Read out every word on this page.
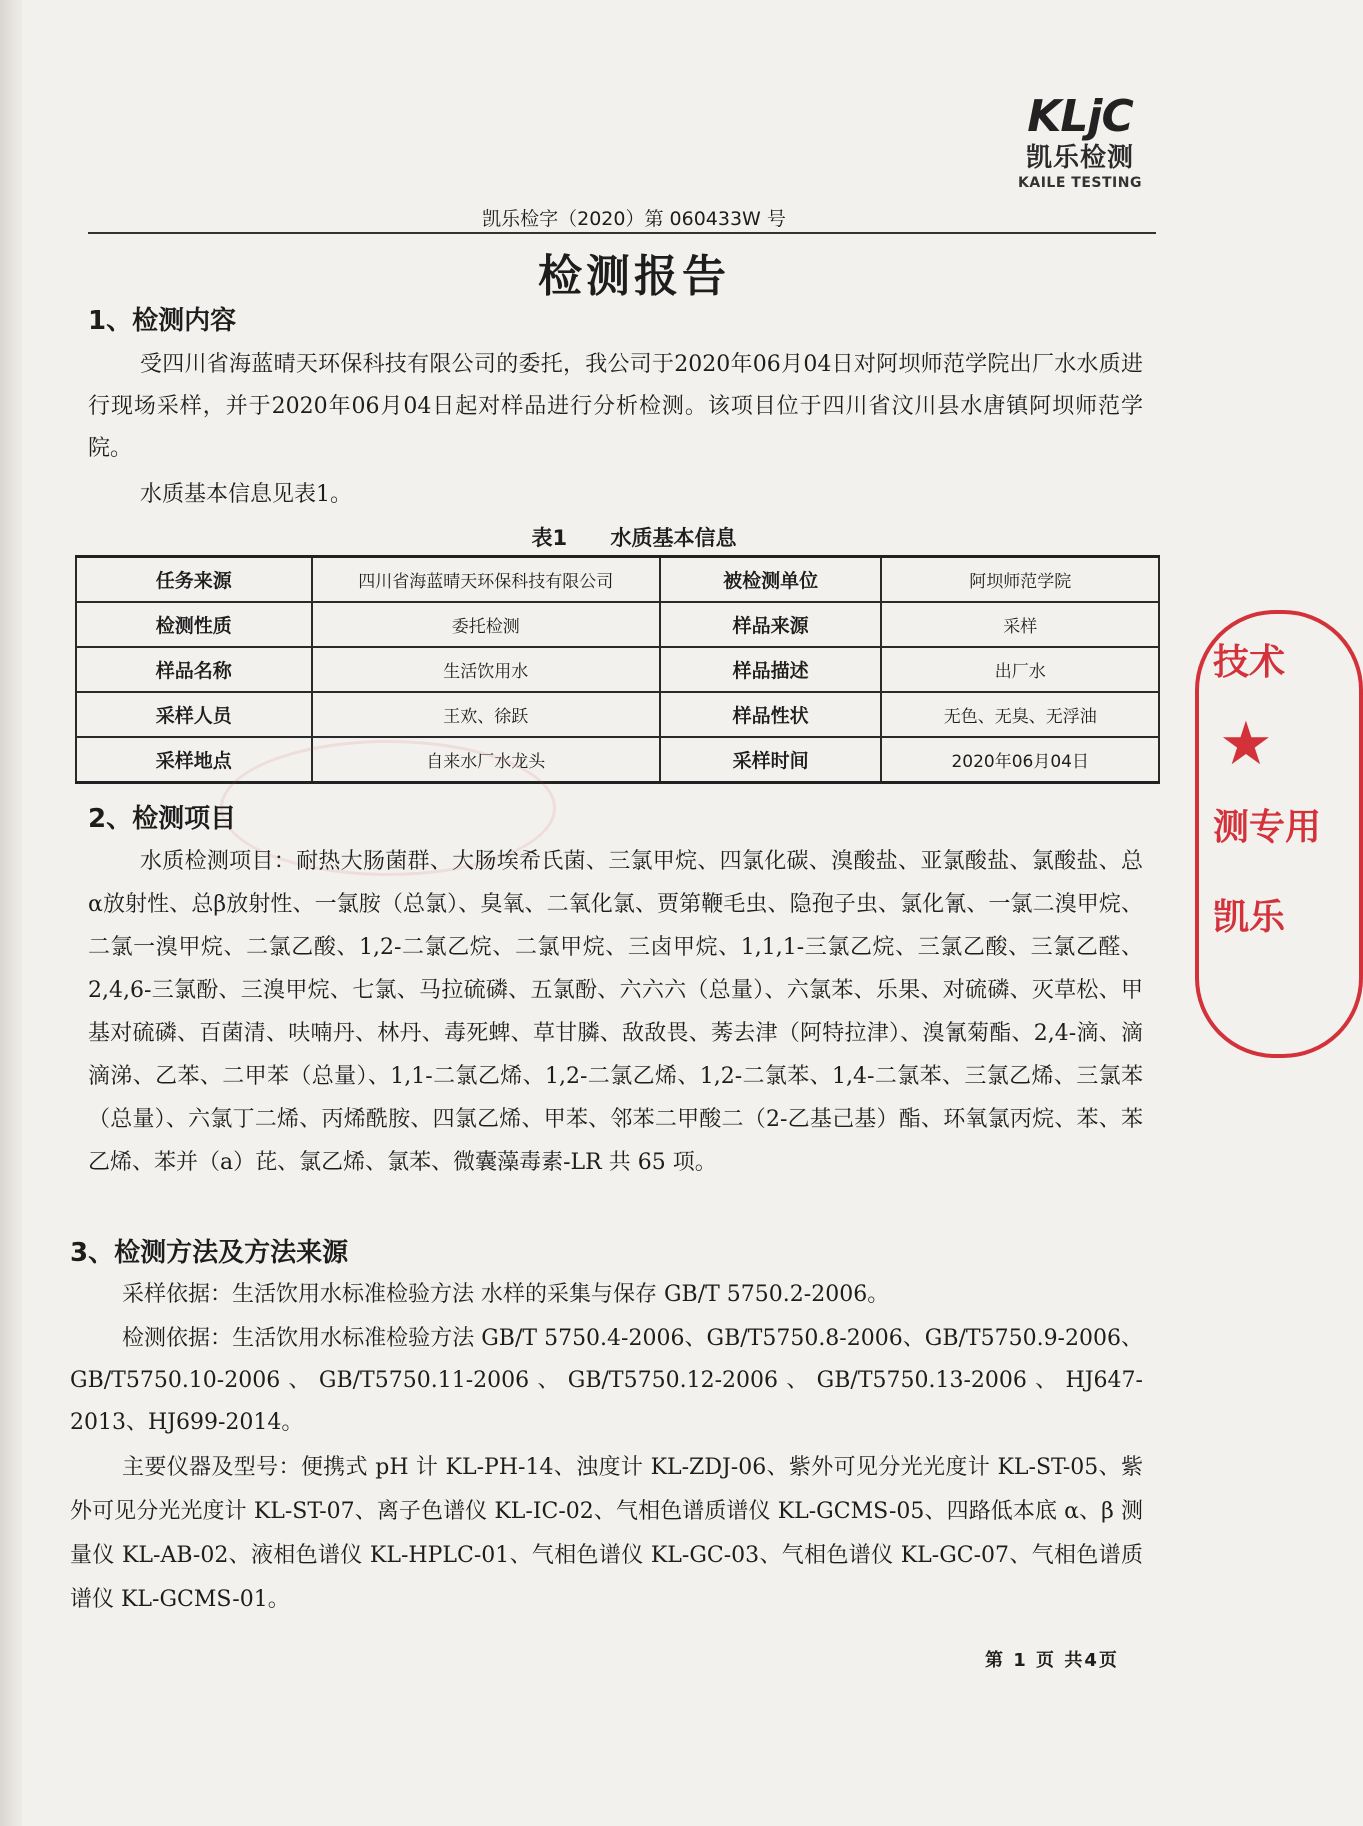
KLjC
凯乐检测
KAILE TESTING
凯乐检字（2020）第 060433W 号
检测报告
1、检测内容
受四川省海蓝晴天环保科技有限公司的委托，我公司于2020年06月04日对阿坝师范学院出厂水水质进行现场采样，并于2020年06月04日起对样品进行分析检测。该项目位于四川省汶川县水唐镇阿坝师范学院。
水质基本信息见表1。
表1 水质基本信息
任务来源	四川省海蓝晴天环保科技有限公司	被检测单位	阿坝师范学院
检测性质	委托检测	样品来源	采样
样品名称	生活饮用水	样品描述	出厂水
采样人员	王欢、徐跃	样品性状	无色、无臭、无浮油
采样地点	自来水厂水龙头	采样时间	2020年06月04日
2、检测项目
水质检测项目：耐热大肠菌群、大肠埃希氏菌、三氯甲烷、四氯化碳、溴酸盐、亚氯酸盐、氯酸盐、总α放射性、总β放射性、一氯胺（总氯）、臭氧、二氧化氯、贾第鞭毛虫、隐孢子虫、氯化氰、一氯二溴甲烷、二氯一溴甲烷、二氯乙酸、1,2-二氯乙烷、二氯甲烷、三卤甲烷、1,1,1-三氯乙烷、三氯乙酸、三氯乙醛、2,4,6-三氯酚、三溴甲烷、七氯、马拉硫磷、五氯酚、六六六（总量）、六氯苯、乐果、对硫磷、灭草松、甲基对硫磷、百菌清、呋喃丹、林丹、毒死蜱、草甘膦、敌敌畏、莠去津（阿特拉津）、溴氰菊酯、2,4-滴、滴滴涕、乙苯、二甲苯（总量）、1,1-二氯乙烯、1,2-二氯乙烯、1,2-二氯苯、1,4-二氯苯、三氯乙烯、三氯苯（总量）、六氯丁二烯、丙烯酰胺、四氯乙烯、甲苯、邻苯二甲酸二（2-乙基己基）酯、环氧氯丙烷、苯、苯乙烯、苯并（a）芘、氯乙烯、氯苯、微囊藻毒素-LR 共 65 项。
3、检测方法及方法来源
采样依据：生活饮用水标准检验方法 水样的采集与保存 GB/T 5750.2-2006。
检测依据：生活饮用水标准检验方法 GB/T 5750.4-2006、GB/T5750.8-2006、GB/T5750.9-2006、GB/T5750.10-2006、GB/T5750.11-2006、GB/T5750.12-2006、GB/T5750.13-2006、HJ647-2013、HJ699-2014。
主要仪器及型号：便携式 pH 计 KL-PH-14、浊度计 KL-ZDJ-06、紫外可见分光光度计 KL-ST-05、紫外可见分光光度计 KL-ST-07、离子色谱仪 KL-IC-02、气相色谱质谱仪 KL-GCMS-05、四路低本底 α、β 测量仪 KL-AB-02、液相色谱仪 KL-HPLC-01、气相色谱仪 KL-GC-03、气相色谱仪 KL-GC-07、气相色谱质谱仪 KL-GCMS-01。
第 1 页 共4页
技术
★
测专用
凯乐
